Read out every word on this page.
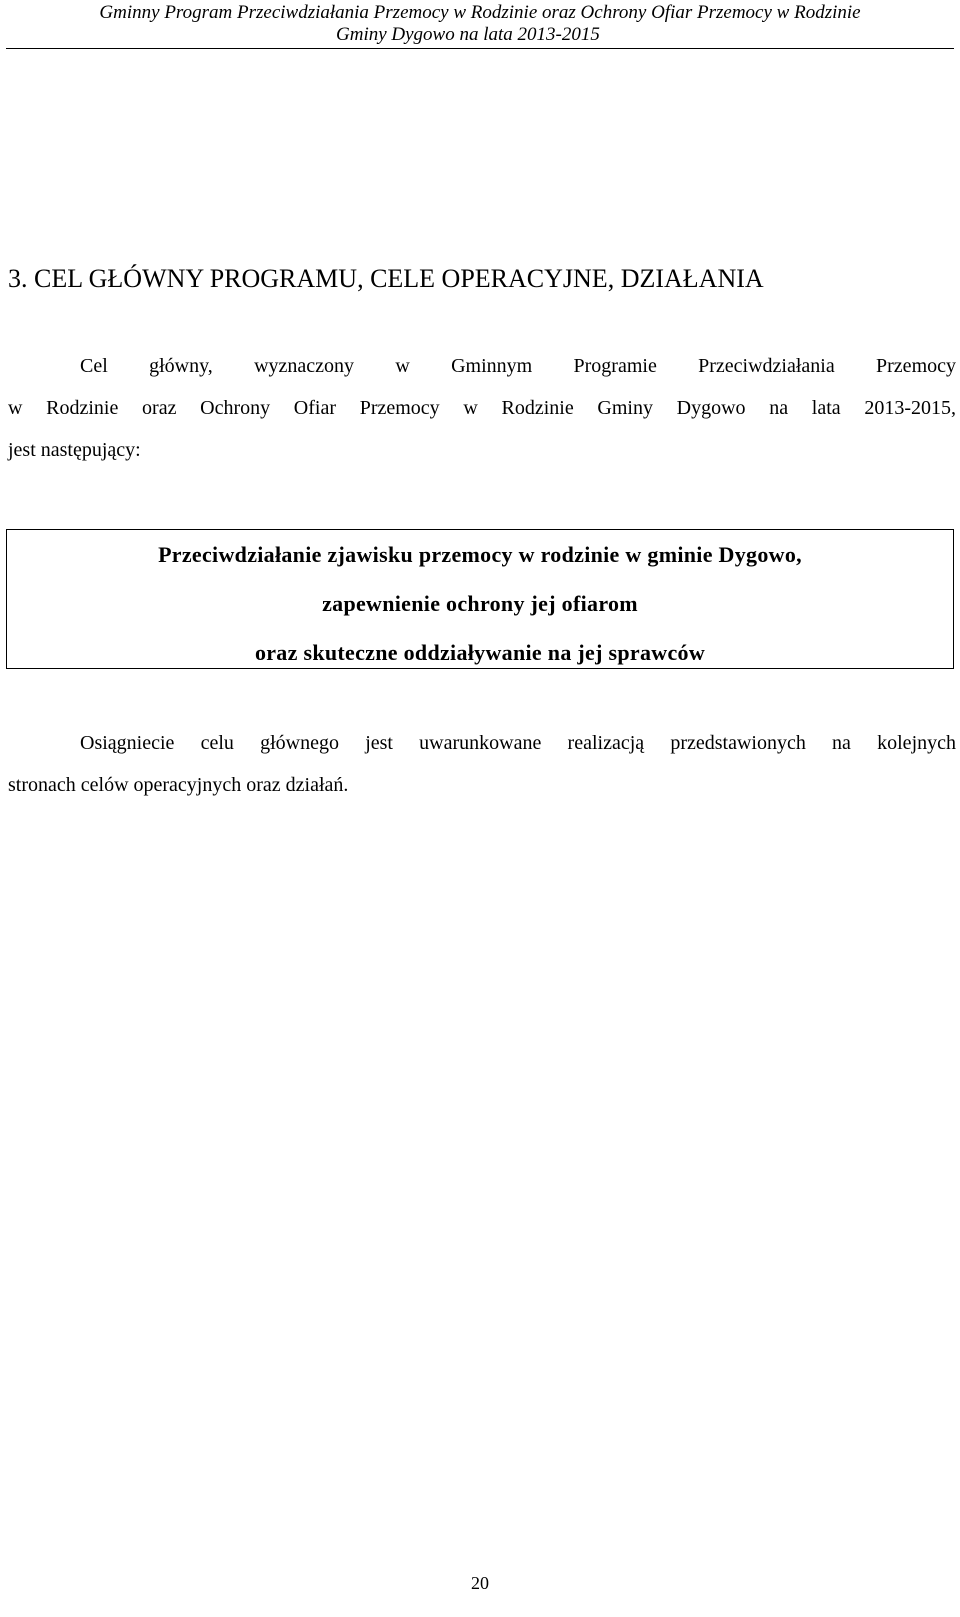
Gminny Program Przeciwdziałania Przemocy w Rodzinie oraz Ochrony Ofiar Przemocy w Rodzinie
Gminy Dygowo na lata 2013-2015
3. CEL GŁÓWNY PROGRAMU, CELE OPERACYJNE, DZIAŁANIA
Cel główny, wyznaczony w Gminnym Programie Przeciwdziałania Przemocy
w Rodzinie oraz Ochrony Ofiar Przemocy w Rodzinie Gminy Dygowo na lata 2013-2015,
jest następujący:
Przeciwdziałanie zjawisku przemocy w rodzinie w gminie Dygowo,
zapewnienie ochrony jej ofiarom
oraz skuteczne oddziaływanie na jej sprawców
Osiągniecie celu głównego jest uwarunkowane realizacją przedstawionych na kolejnych
stronach celów operacyjnych oraz działań.
20
